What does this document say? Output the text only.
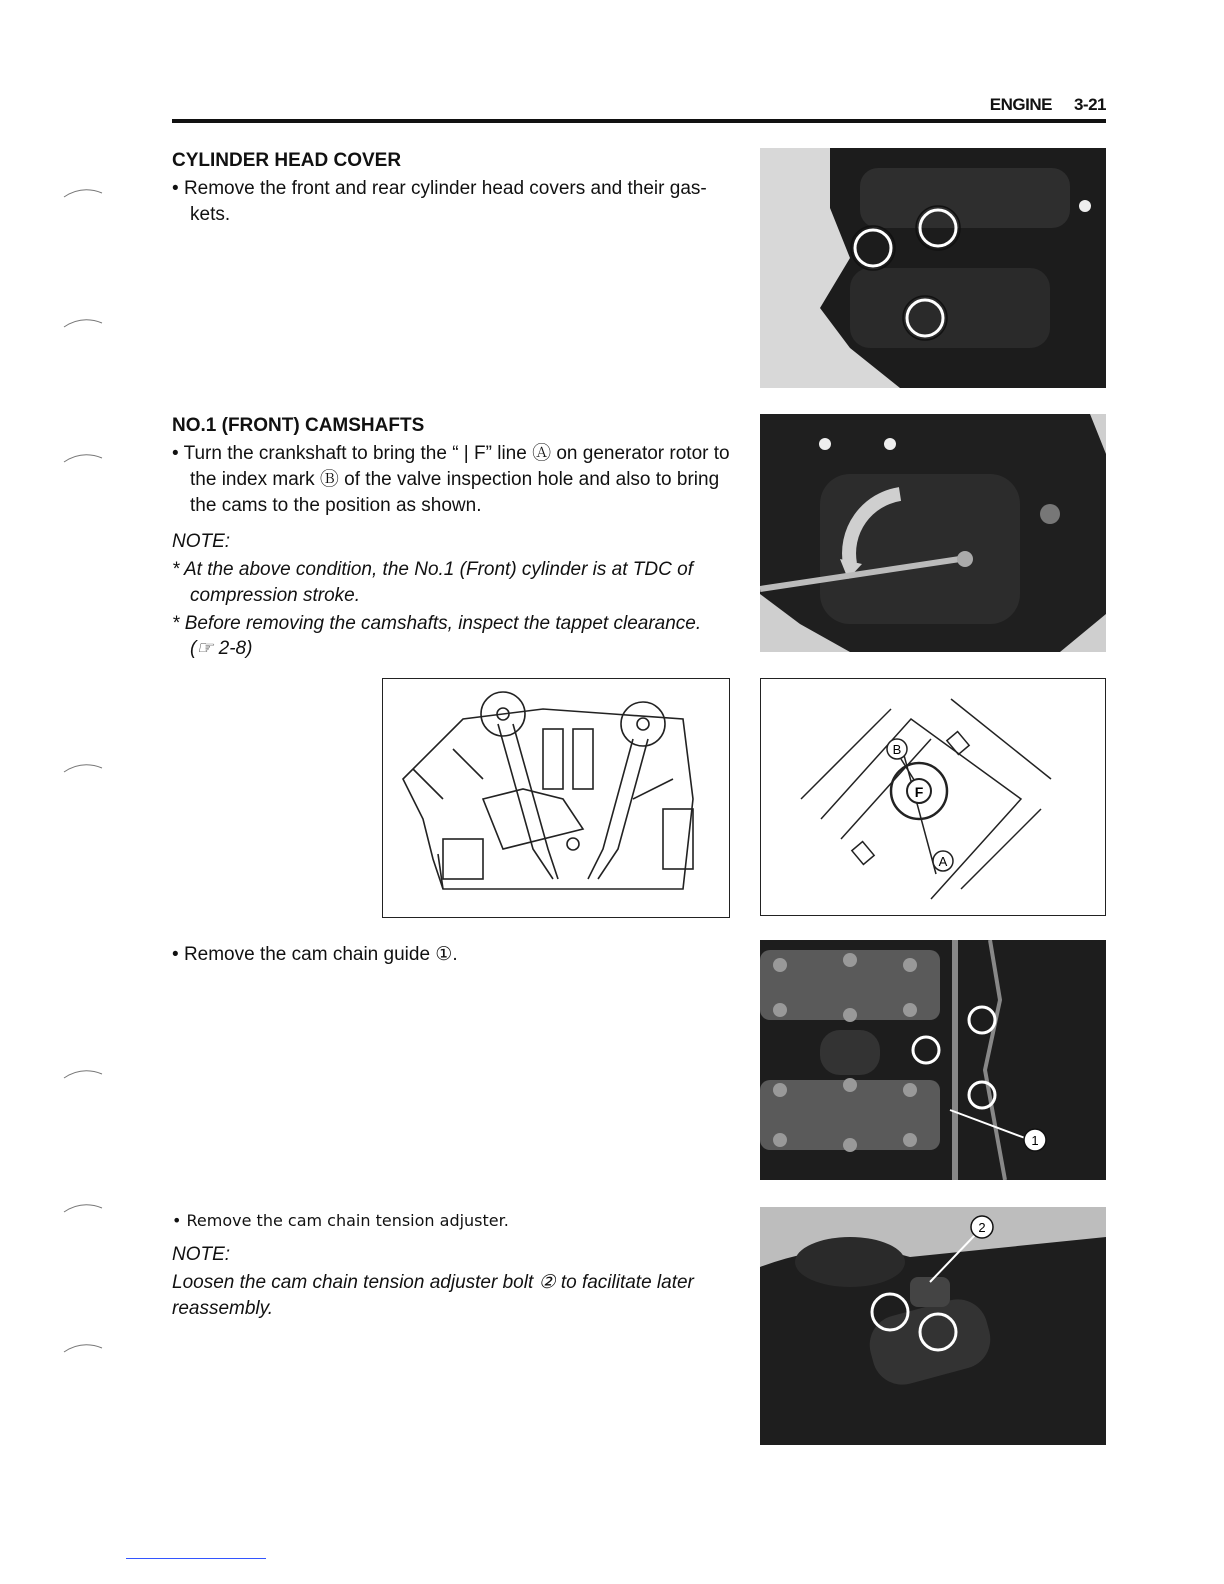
ENGINE 3-21
CYLINDER HEAD COVER
• Remove the front and rear cylinder head covers and their gas-kets.
NO.1 (FRONT) CAMSHAFTS
• Turn the crankshaft to bring the “ | F” line Ⓐ on generator rotor to the index mark Ⓑ of the valve inspection hole and also to bring the cams to the position as shown.
NOTE:
* At the above condition, the No.1 (Front) cylinder is at TDC of compression stroke.
* Before removing the camshafts, inspect the tappet clearance.
(☞ 2-8)
B
F
A
• Remove the cam chain guide ①.
1
• Remove the cam chain tension adjuster.
NOTE:
Loosen the cam chain tension adjuster bolt ② to facilitate later reassembly.
2
